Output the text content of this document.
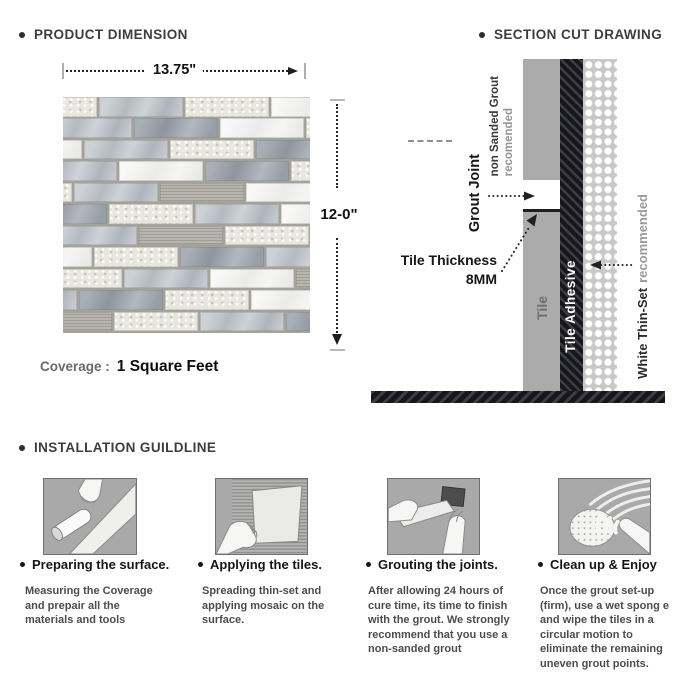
PRODUCT DIMENSION
13.75"
12-0"
Coverage : 1 Square Feet
SECTION CUT DRAWING
Grout Joint
non Sanded Grout recomended
Tile Thickness
8MM
Tile Tile Adhesive	White Thin-Setrecommended
INSTALLATION GUILDLINE
Preparing the surface.	Applying the tiles.	Grouting the joints.	Clean up & Enjoy
Measuring the Coverage and prepair all the materials and tools
Spreading thin-set and applying mosaic on the surface.
After allowing 24 hours of cure time, its time to finish with the grout. We strongly recommend that you use a non-sanded grout
Once the grout set-up (firm), use a wet spong e and wipe the tiles in a circular motion to eliminate the remaining uneven grout points.
